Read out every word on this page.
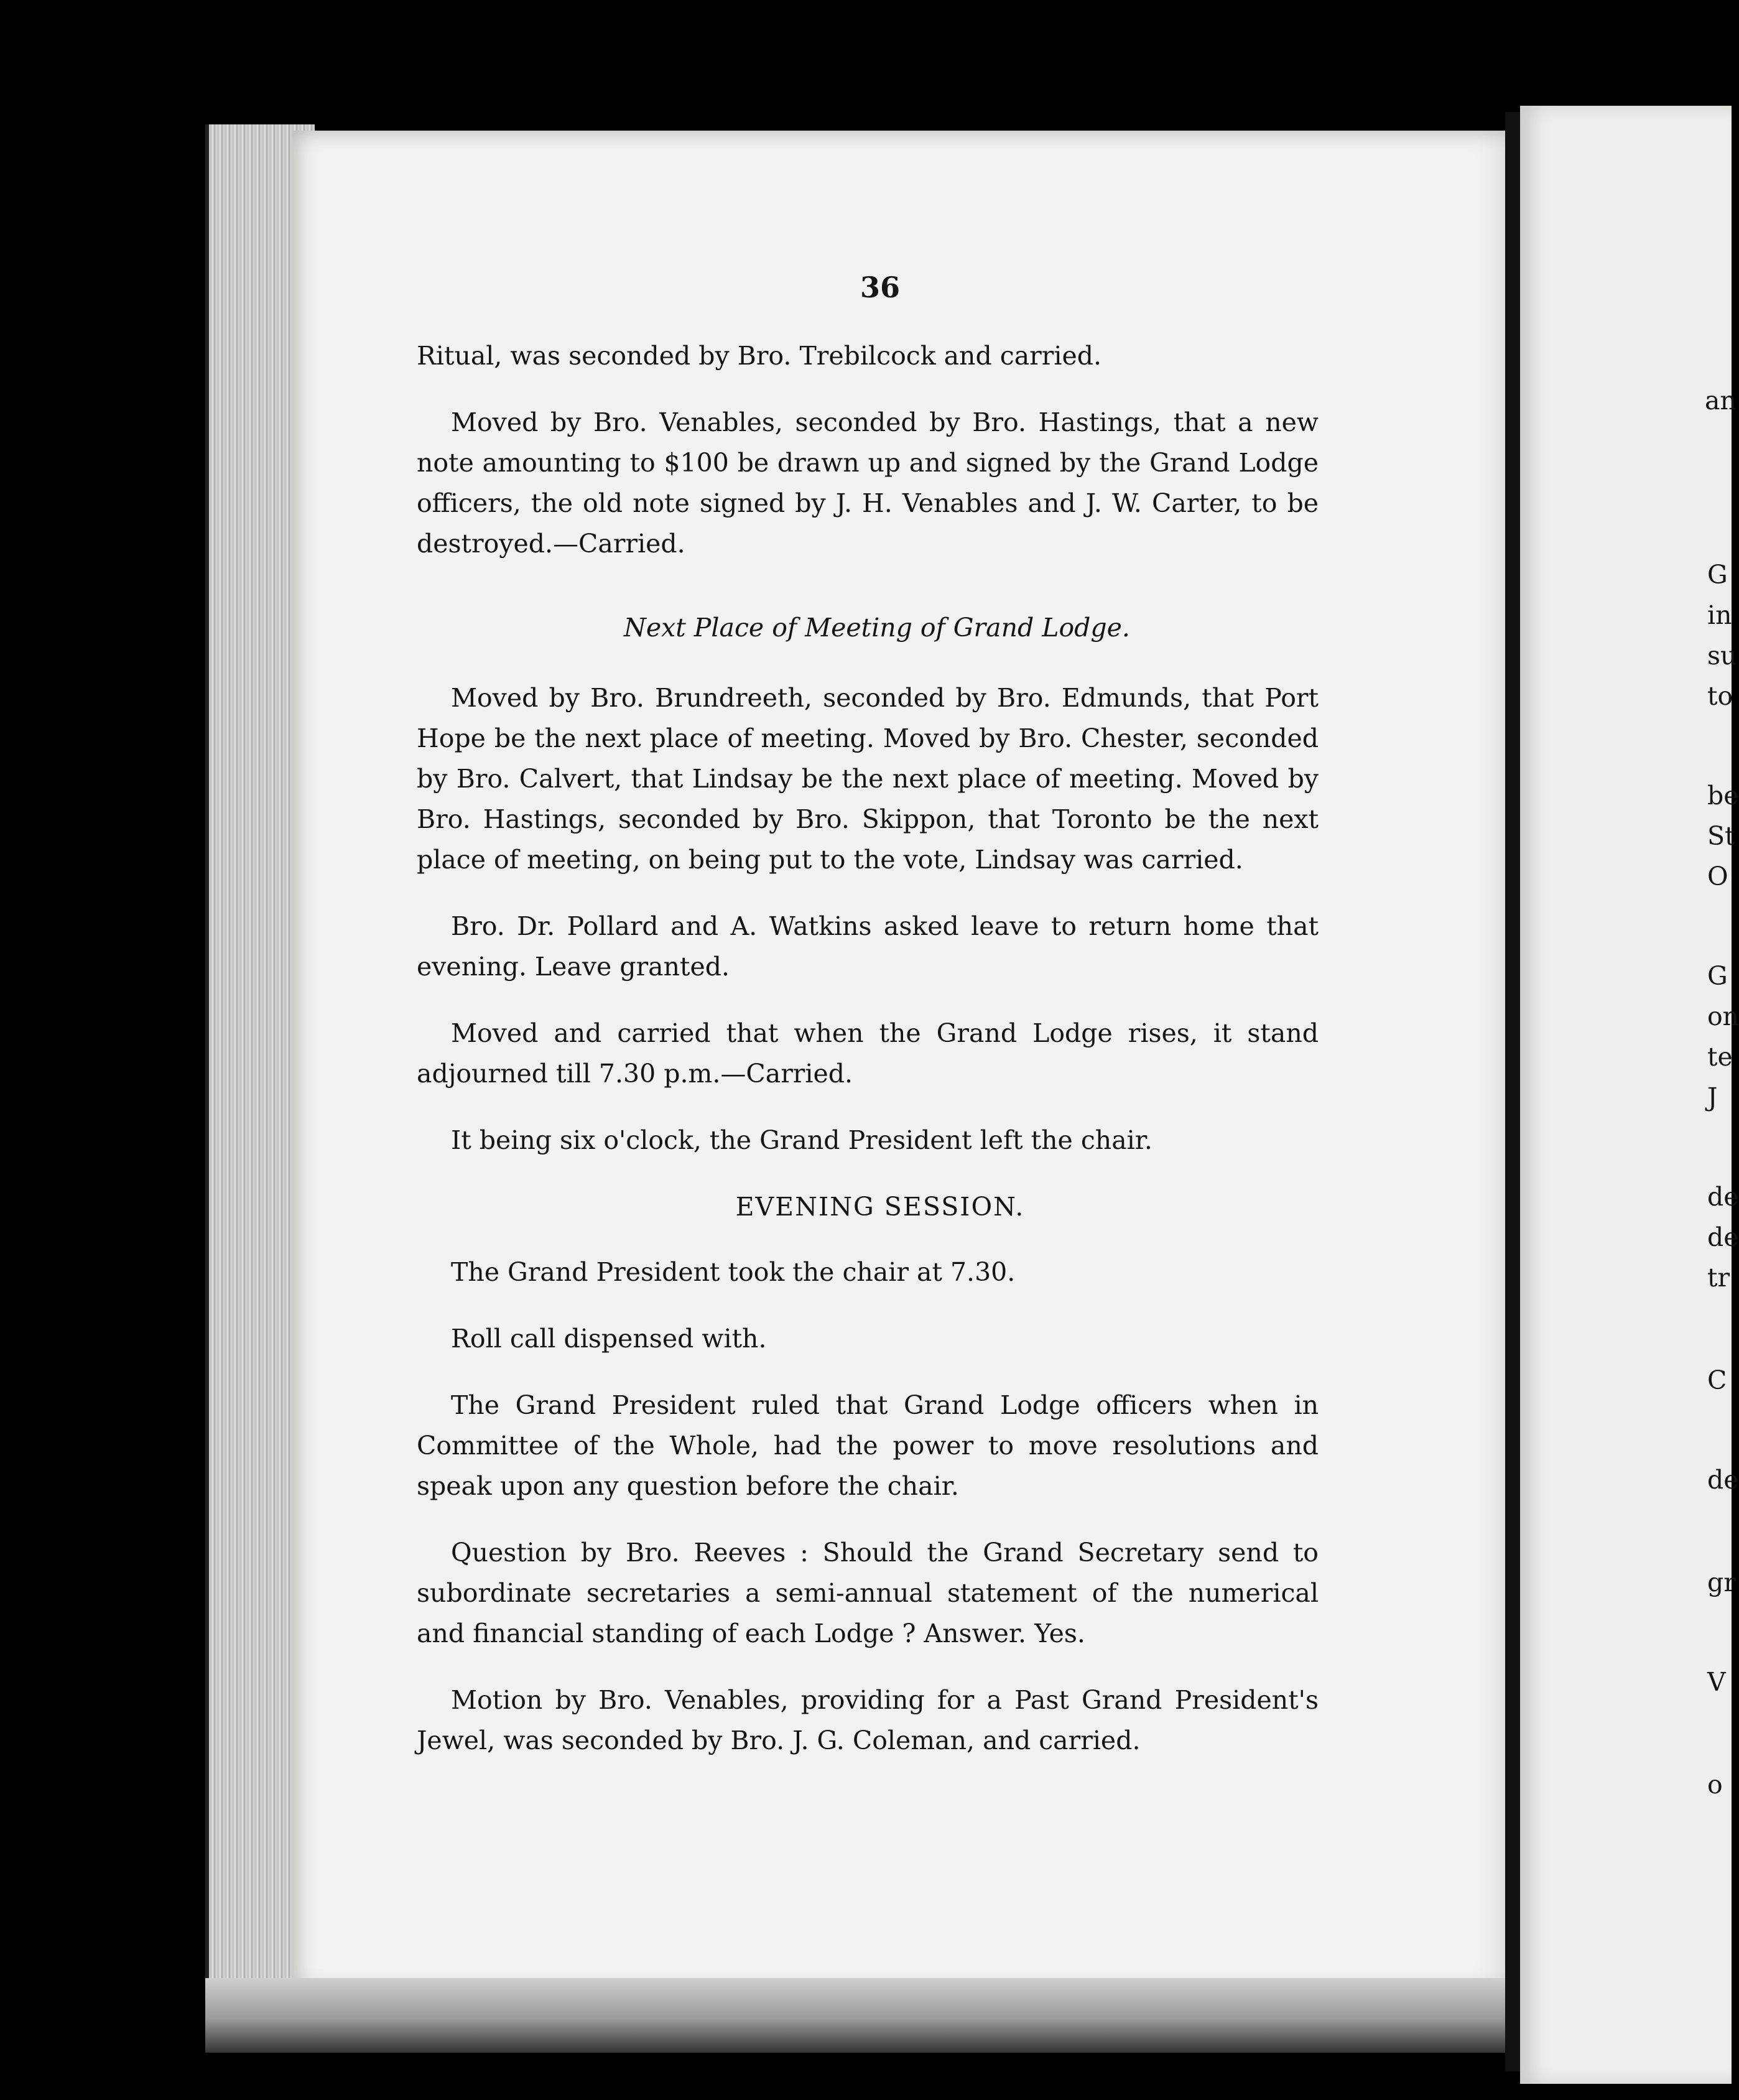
36

Ritual, was seconded by Bro. Trebilcock and carried.

Moved by Bro. Venables, seconded by Bro. Hastings, that a new note amounting to $100 be drawn up and signed by the Grand Lodge officers, the old note signed by J. H. Venables and J. W. Carter, to be destroyed.—Carried.

Next Place of Meeting of Grand Lodge.

Moved by Bro. Brundreeth, seconded by Bro. Edmunds, that Port Hope be the next place of meeting. Moved by Bro. Chester, seconded by Bro. Calvert, that Lindsay be the next place of meeting. Moved by Bro. Hastings, seconded by Bro. Skippon, that Toronto be the next place of meeting, on being put to the vote, Lindsay was carried.

Bro. Dr. Pollard and A. Watkins asked leave to return home that evening. Leave granted.

Moved and carried that when the Grand Lodge rises, it stand adjourned till 7.30 p.m.—Carried.

It being six o'clock, the Grand President left the chair.

EVENING SESSION.

The Grand President took the chair at 7.30.

Roll call dispensed with.

The Grand President ruled that Grand Lodge officers when in Committee of the Whole, had the power to move resolutions and speak upon any question before the chair.

Question by Bro. Reeves : Should the Grand Secretary send to subordinate secretaries a semi-annual statement of the numerical and financial standing of each Lodge ? Answer. Yes.

Motion by Bro. Venables, providing for a Past Grand President's Jewel, was seconded by Bro. J. G. Coleman, and carried.

an
G
in
su
to
be
St
O
G
on
te
J
de
de
tr
C
de
gr
V
o
